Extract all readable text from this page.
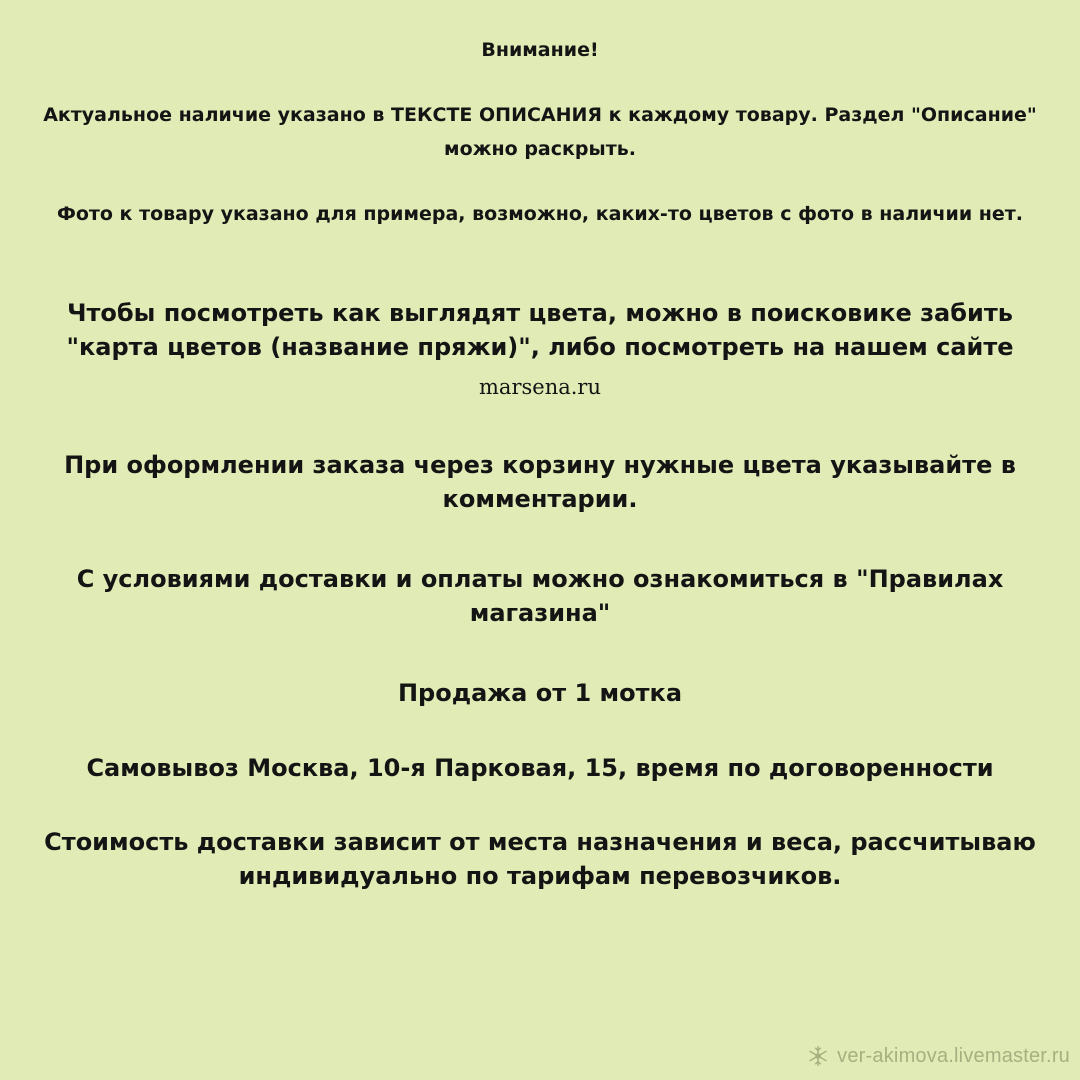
Внимание!

Актуальное наличие указано в ТЕКСТЕ ОПИСАНИЯ к каждому товару. Раздел "Описание" можно раскрыть.

Фото к товару указано для примера, возможно, каких-то цветов с фото в наличии нет.

Чтобы посмотреть как выглядят цвета, можно в поисковике забить "карта цветов (название пряжи)", либо посмотреть на нашем сайте
marsena.ru

При оформлении заказа через корзину нужные цвета указывайте в комментарии.

С условиями доставки и оплаты можно ознакомиться в "Правилах магазина"

Продажа от 1 мотка

Самовывоз Москва, 10-я Парковая, 15, время по договоренности

Стоимость доставки зависит от места назначения и веса, рассчитываю индивидуально по тарифам перевозчиков.

ver-akimova.livemaster.ru
